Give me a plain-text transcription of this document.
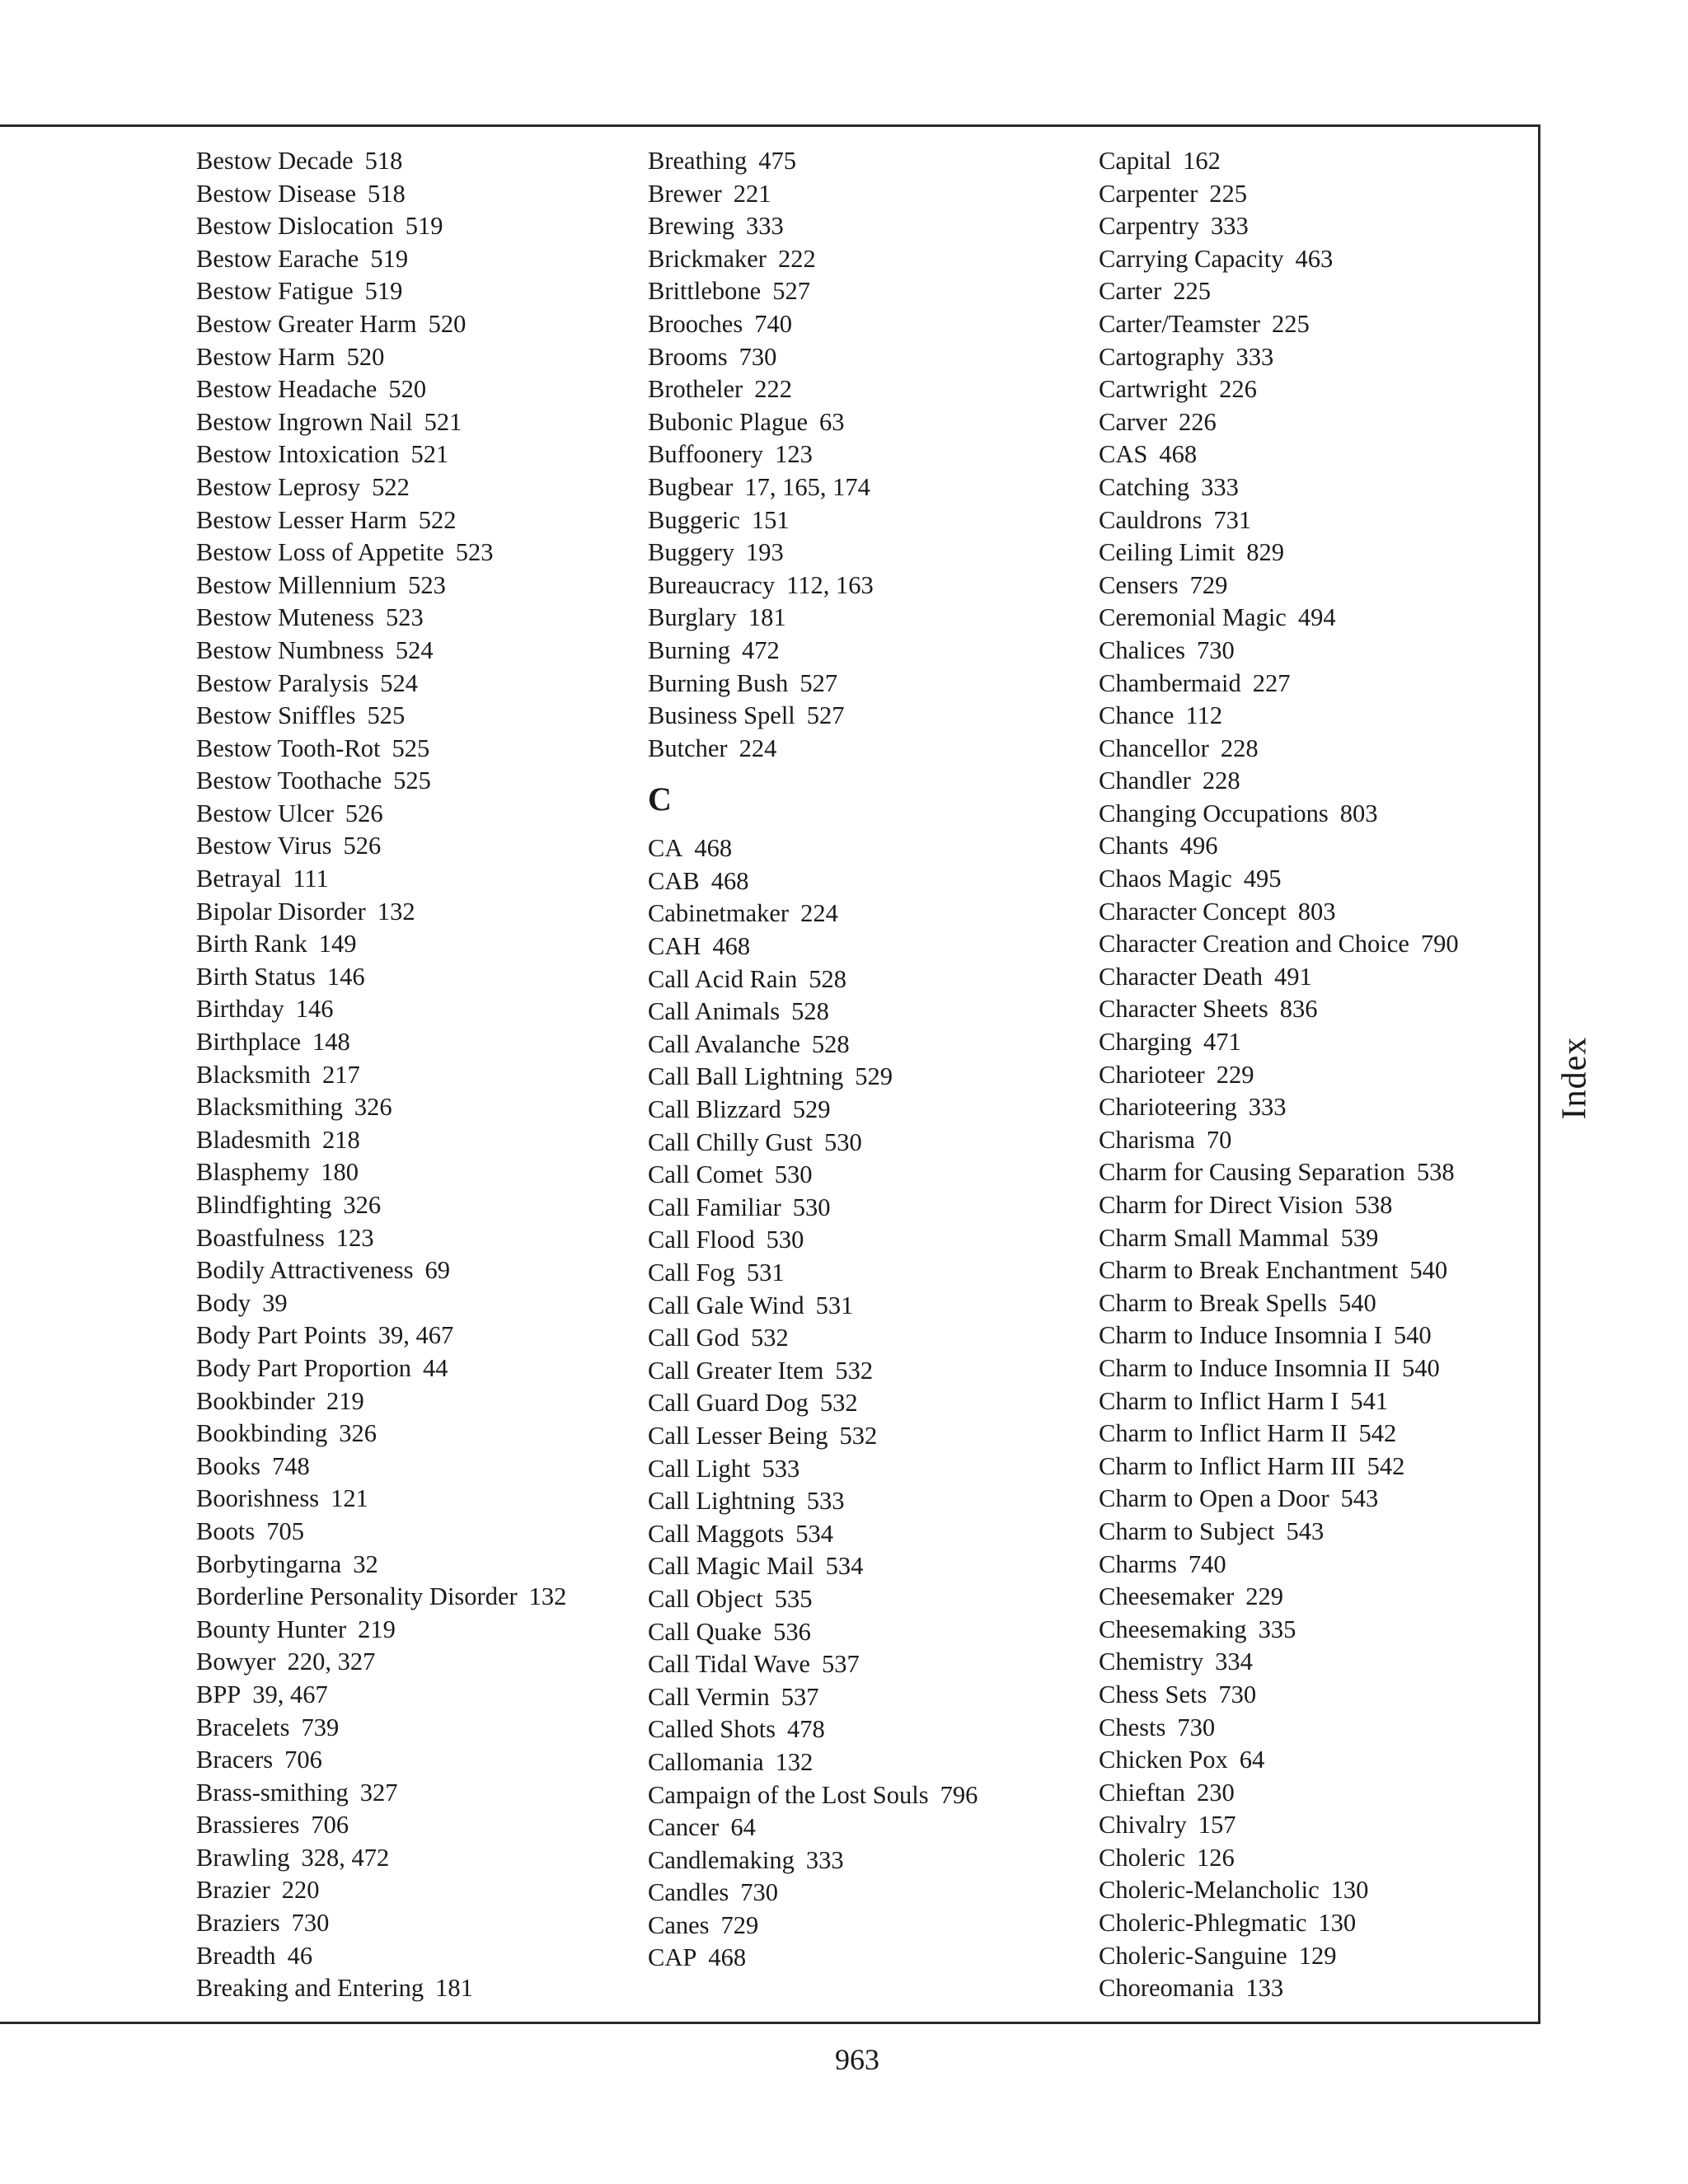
Bestow Decade 518
Bestow Disease 518
Bestow Dislocation 519
Bestow Earache 519
Bestow Fatigue 519
Bestow Greater Harm 520
Bestow Harm 520
Bestow Headache 520
Bestow Ingrown Nail 521
Bestow Intoxication 521
Bestow Leprosy 522
Bestow Lesser Harm 522
Bestow Loss of Appetite 523
Bestow Millennium 523
Bestow Muteness 523
Bestow Numbness 524
Bestow Paralysis 524
Bestow Sniffles 525
Bestow Tooth-Rot 525
Bestow Toothache 525
Bestow Ulcer 526
Bestow Virus 526
Betrayal 111
Bipolar Disorder 132
Birth Rank 149
Birth Status 146
Birthday 146
Birthplace 148
Blacksmith 217
Blacksmithing 326
Bladesmith 218
Blasphemy 180
Blindfighting 326
Boastfulness 123
Bodily Attractiveness 69
Body 39
Body Part Points 39, 467
Body Part Proportion 44
Bookbinder 219
Bookbinding 326
Books 748
Boorishness 121
Boots 705
Borbytingarna 32
Borderline Personality Disorder 132
Bounty Hunter 219
Bowyer 220, 327
BPP 39, 467
Bracelets 739
Bracers 706
Brass-smithing 327
Brassieres 706
Brawling 328, 472
Brazier 220
Braziers 730
Breadth 46
Breaking and Entering 181
Breathing 475
Brewer 221
Brewing 333
Brickmaker 222
Brittlebone 527
Brooches 740
Brooms 730
Brotheler 222
Bubonic Plague 63
Buffoonery 123
Bugbear 17, 165, 174
Buggeric 151
Buggery 193
Bureaucracy 112, 163
Burglary 181
Burning 472
Burning Bush 527
Business Spell 527
Butcher 224
C
CA 468
CAB 468
Cabinetmaker 224
CAH 468
Call Acid Rain 528
Call Animals 528
Call Avalanche 528
Call Ball Lightning 529
Call Blizzard 529
Call Chilly Gust 530
Call Comet 530
Call Familiar 530
Call Flood 530
Call Fog 531
Call Gale Wind 531
Call God 532
Call Greater Item 532
Call Guard Dog 532
Call Lesser Being 532
Call Light 533
Call Lightning 533
Call Maggots 534
Call Magic Mail 534
Call Object 535
Call Quake 536
Call Tidal Wave 537
Call Vermin 537
Called Shots 478
Callomania 132
Campaign of the Lost Souls 796
Cancer 64
Candlemaking 333
Candles 730
Canes 729
CAP 468
Capital 162
Carpenter 225
Carpentry 333
Carrying Capacity 463
Carter 225
Carter/Teamster 225
Cartography 333
Cartwright 226
Carver 226
CAS 468
Catching 333
Cauldrons 731
Ceiling Limit 829
Censers 729
Ceremonial Magic 494
Chalices 730
Chambermaid 227
Chance 112
Chancellor 228
Chandler 228
Changing Occupations 803
Chants 496
Chaos Magic 495
Character Concept 803
Character Creation and Choice 790
Character Death 491
Character Sheets 836
Charging 471
Charioteer 229
Charioteering 333
Charisma 70
Charm for Causing Separation 538
Charm for Direct Vision 538
Charm Small Mammal 539
Charm to Break Enchantment 540
Charm to Break Spells 540
Charm to Induce Insomnia I 540
Charm to Induce Insomnia II 540
Charm to Inflict Harm I 541
Charm to Inflict Harm II 542
Charm to Inflict Harm III 542
Charm to Open a Door 543
Charm to Subject 543
Charms 740
Cheesemaker 229
Cheesemaking 335
Chemistry 334
Chess Sets 730
Chests 730
Chicken Pox 64
Chieftan 230
Chivalry 157
Choleric 126
Choleric-Melancholic 130
Choleric-Phlegmatic 130
Choleric-Sanguine 129
Choreomania 133
Index
963
